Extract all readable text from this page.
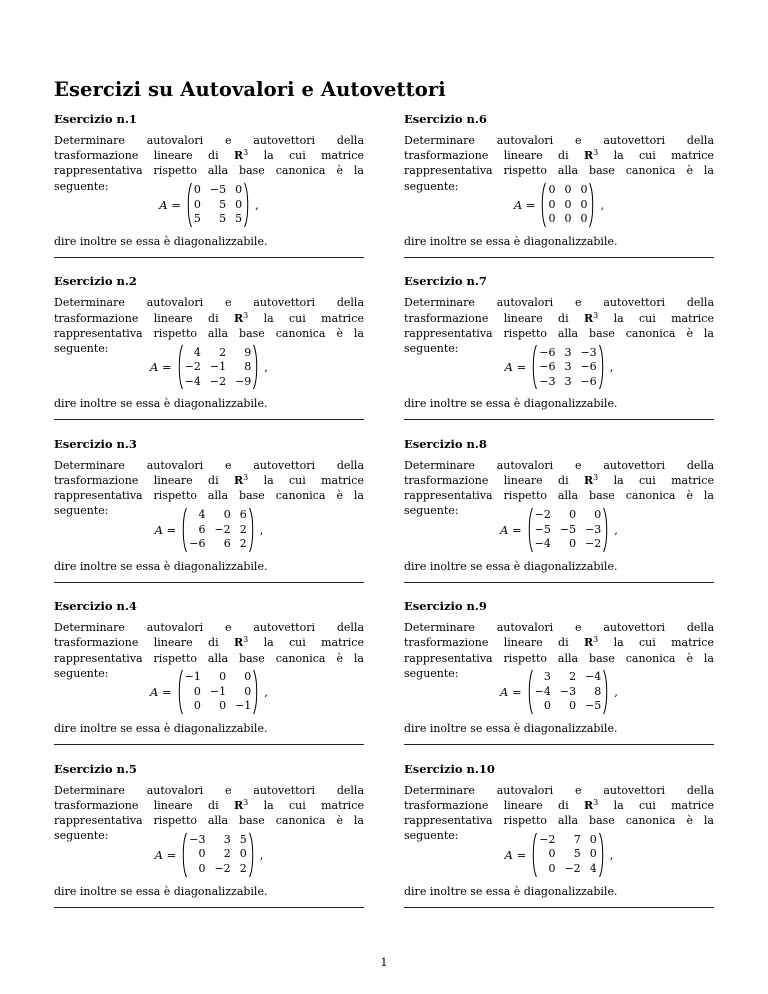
Esercizi su Autovalori e Autovettori
Esercizio n.1
Determinare autovalori e autovettori della trasformazione lineare di $R^3$ la cui matrice rappresentativa rispetto alla base canonica è la seguente:
A =
0 −5 0
0	5 0
5	5 5
,
dire inoltre se essa è diagonalizzabile.
Esercizio n.2
Determinare autovalori e autovettori della trasformazione lineare di $R^3$ la cui matrice rappresentativa rispetto alla base canonica è la seguente:
A =
4	2	9
−2 −1	8
−4 −2 −9
,
dire inoltre se essa è diagonalizzabile.
Esercizio n.3
Determinare autovalori e autovettori della trasformazione lineare di $R^3$ la cui matrice rappresentativa rispetto alla base canonica è la seguente:
A =
4	0 6
6 −2 2
−6	6 2
,
dire inoltre se essa è diagonalizzabile.
Esercizio n.4
Determinare autovalori e autovettori della trasformazione lineare di $R^3$ la cui matrice rappresentativa rispetto alla base canonica è la seguente:
A =
−1	0	0
0 −1	0
0	0 −1
,
dire inoltre se essa è diagonalizzabile.
Esercizio n.5
Determinare autovalori e autovettori della trasformazione lineare di $R^3$ la cui matrice rappresentativa rispetto alla base canonica è la seguente:
A =
−3	3 5
0	2 0
0 −2 2
,
dire inoltre se essa è diagonalizzabile.
Esercizio n.6
Determinare autovalori e autovettori della trasformazione lineare di $R^3$ la cui matrice rappresentativa rispetto alla base canonica è la seguente:
A =
0 0 0
0 0 0
0 0 0
,
dire inoltre se essa è diagonalizzabile.
Esercizio n.7
Determinare autovalori e autovettori della trasformazione lineare di $R^3$ la cui matrice rappresentativa rispetto alla base canonica è la seguente:
A =
−6 3 −3
−6 3 −6
−3 3 −6
,
dire inoltre se essa è diagonalizzabile.
Esercizio n.8
Determinare autovalori e autovettori della trasformazione lineare di $R^3$ la cui matrice rappresentativa rispetto alla base canonica è la seguente:
A =
−2	0	0
−5 −5 −3
−4	0 −2
,
dire inoltre se essa è diagonalizzabile.
Esercizio n.9
Determinare autovalori e autovettori della trasformazione lineare di $R^3$ la cui matrice rappresentativa rispetto alla base canonica è la seguente:
A =
3	2 −4
−4 −3	8
0	0 −5
,
dire inoltre se essa è diagonalizzabile.
Esercizio n.10
Determinare autovalori e autovettori della trasformazione lineare di $R^3$ la cui matrice rappresentativa rispetto alla base canonica è la seguente:
A =
−2	7 0
0	5 0
0 −2 4
,
dire inoltre se essa è diagonalizzabile.
1
